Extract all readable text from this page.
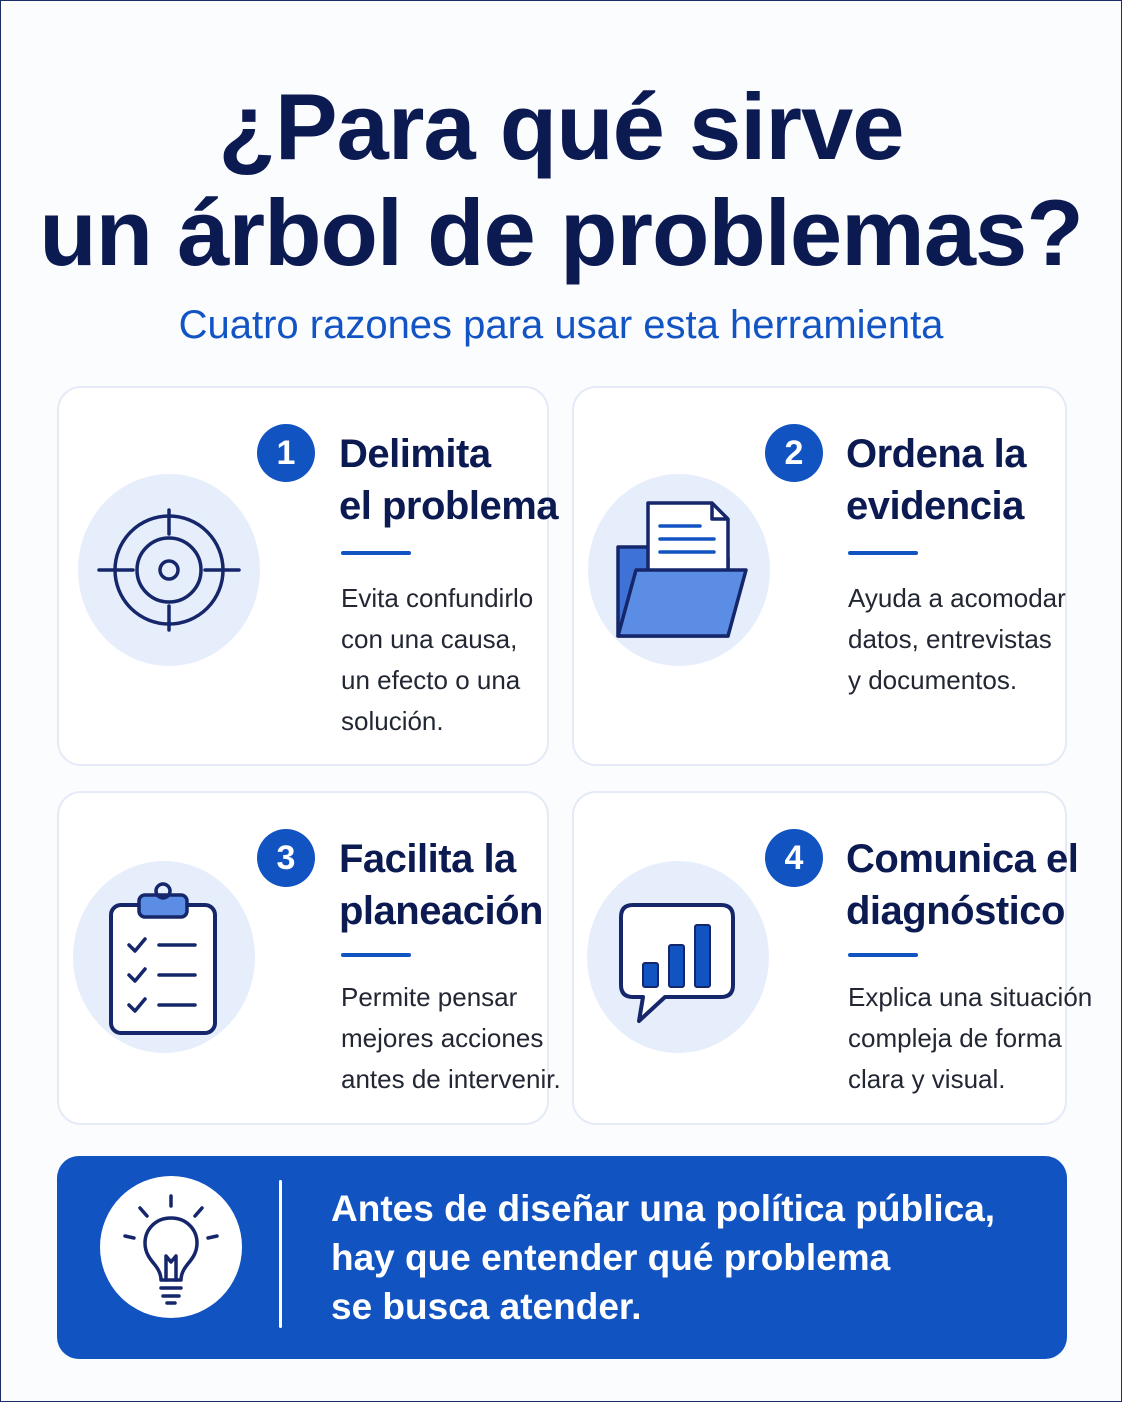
¿Para qué sirve
un árbol de problemas?

Cuatro razones para usar esta herramienta

1	Delimita
el problema
Evita confundirlo
con una causa,
un efecto o una
solución.
2	Ordena la
evidencia
Ayuda a acomodar
datos, entrevistas
y documentos.
3	Facilita la
planeación
Permite pensar
mejores acciones
antes de intervenir.
4	Comunica el
diagnóstico
Explica una situación
compleja de forma
clara y visual.
Antes de diseñar una política pública,
hay que entender qué problema
se busca atender.
